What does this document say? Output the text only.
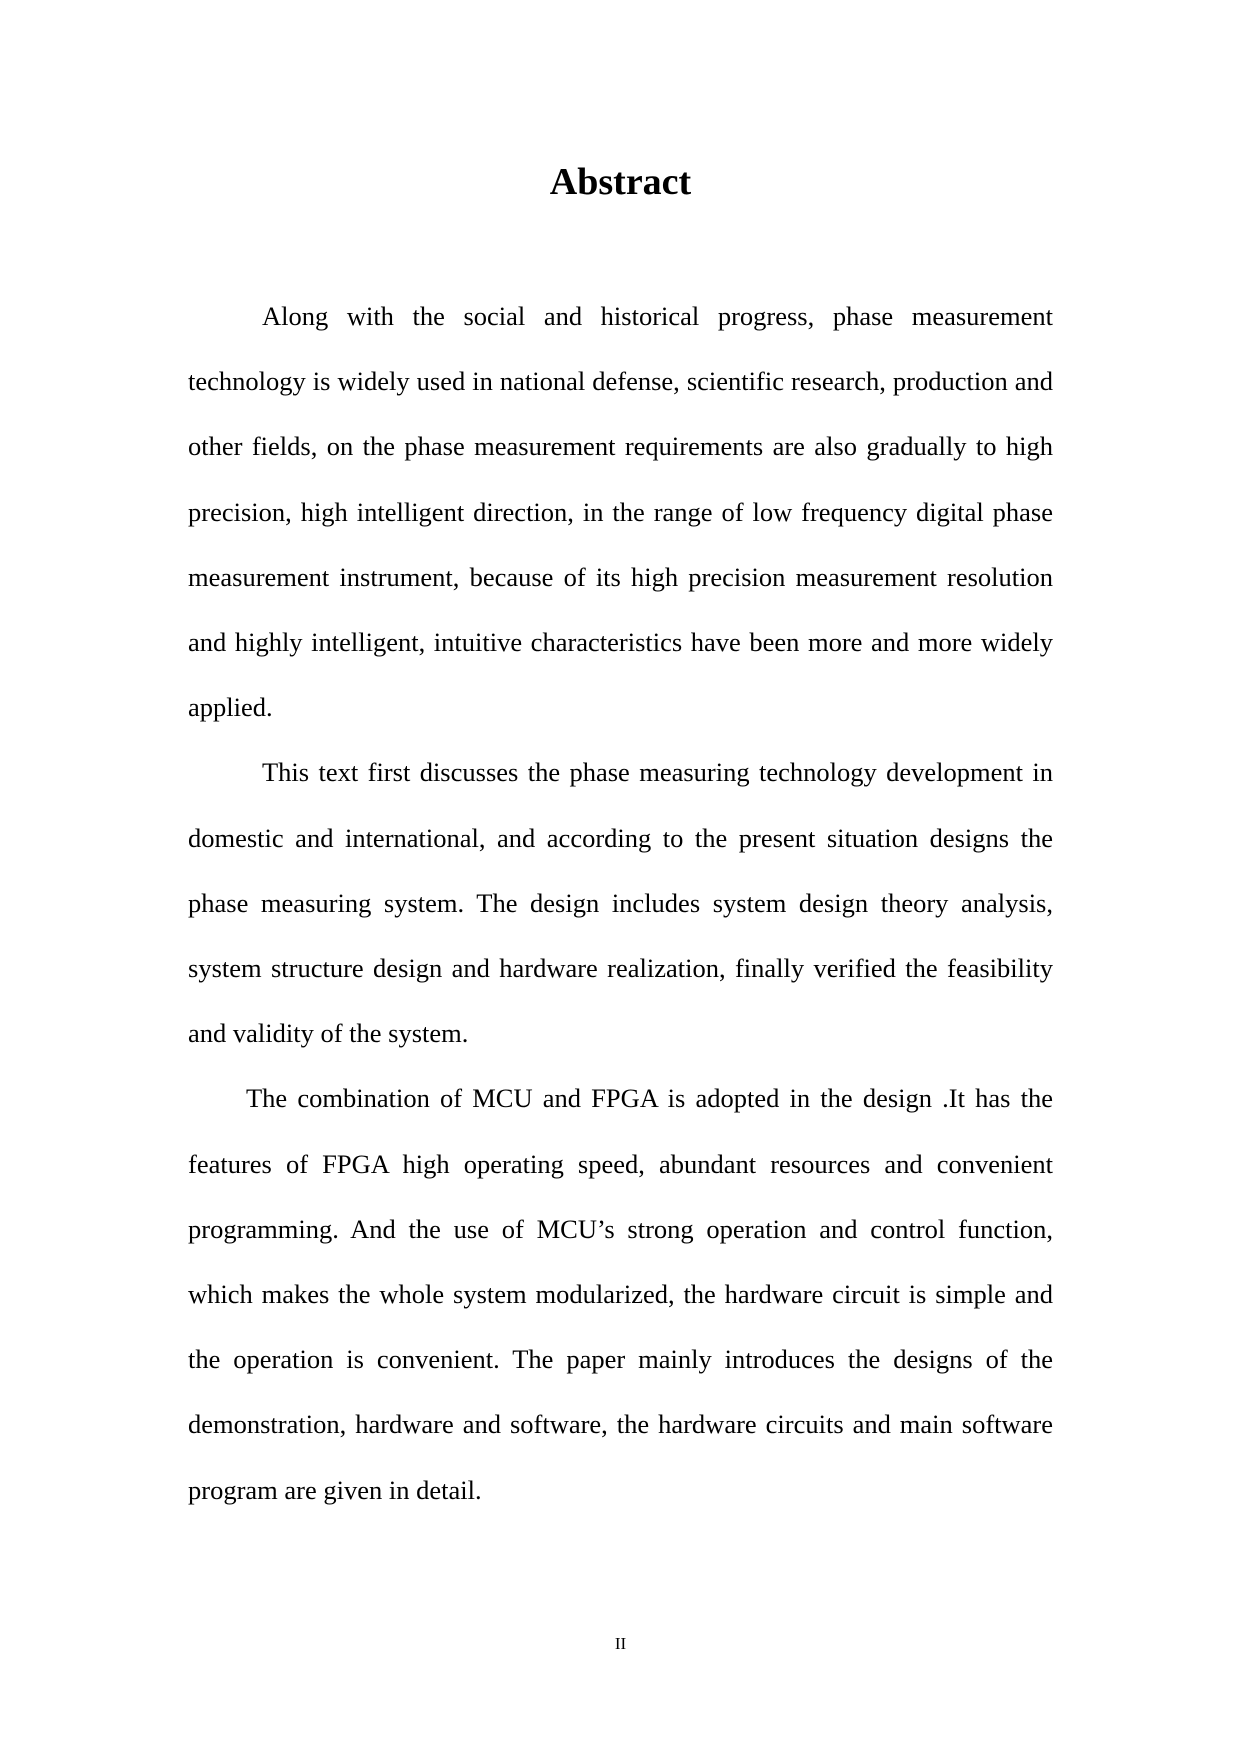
Abstract

Along with the social and historical progress, phase measurement technology is widely used in national defense, scientific research, production and other fields, on the phase measurement requirements are also gradually to high precision, high intelligent direction, in the range of low frequency digital phase measurement instrument, because of its high precision measurement resolution and highly intelligent, intuitive characteristics have been more and more widely applied.

This text first discusses the phase measuring technology development in domestic and international, and according to the present situation designs the phase measuring system. The design includes system design theory analysis, system structure design and hardware realization, finally verified the feasibility and validity of the system.

The combination of MCU and FPGA is adopted in the design .It has the features of FPGA high operating speed, abundant resources and convenient programming. And the use of MCU’s strong operation and control function, which makes the whole system modularized, the hardware circuit is simple and the operation is convenient. The paper mainly introduces the designs of the demonstration, hardware and software, the hardware circuits and main software program are given in detail.

II
